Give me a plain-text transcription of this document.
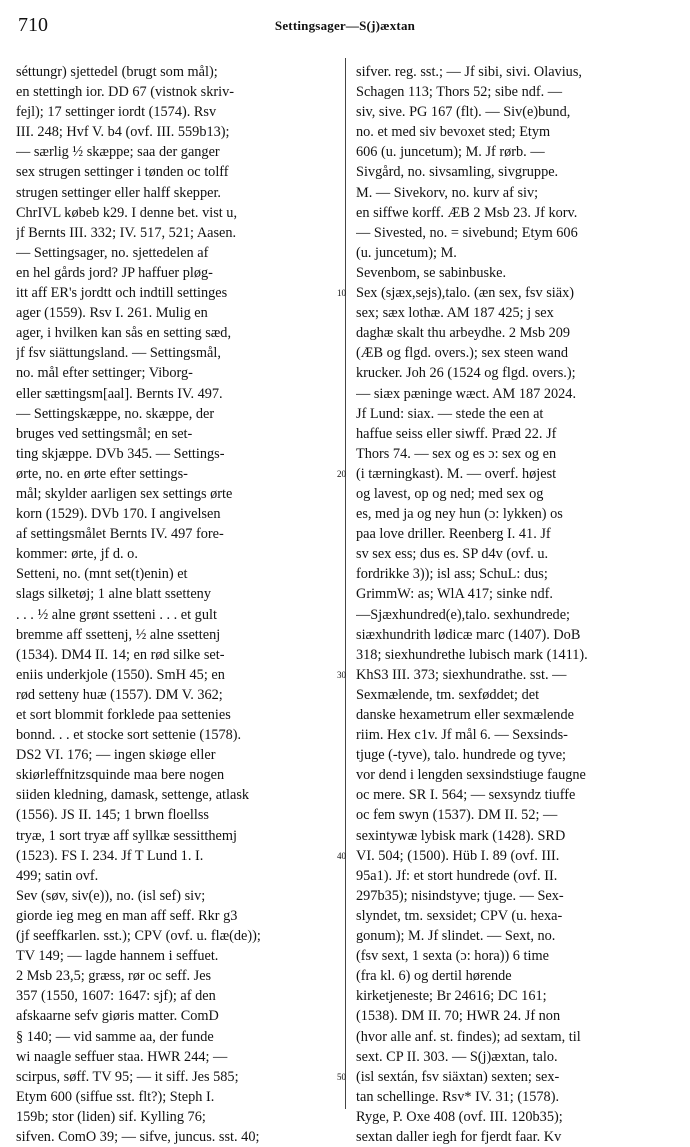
710	Settingsager—S(j)æxtan
séttungr) sjettedel (brugt som mål);
en stettingh ior. DD 67 (vistnok skriv-
fejl); 17 settinger iordt (1574). Rsv
III. 248; Hvf V. b4 (ovf. III. 559b13);
— særlig ½ skæppe; saa der ganger
sex strugen settinger i tønden oc tolff
strugen settinger eller halff skepper.
ChrIVL købeb k29. I denne bet. vist u,
jf Bernts III. 332; IV. 517, 521; Aasen.
— Settingsager, no. sjettedelen af
en hel gårds jord? JP haffuer pløg-
itt aff ER's jordtt och indtill settinges
ager (1559). Rsv I. 261. Mulig en
ager, i hvilken kan sås en setting sæd,
jf fsv siättungsland. — Settingsmål,
no. mål efter settinger; Viborg-
eller sættingsm[aal]. Bernts IV. 497.
— Settingskæppe, no. skæppe, der
bruges ved settingsmål; en set-
ting skjæppe. DVb 345. — Settings-
ørte, no. en ørte efter settings-
mål; skylder aarligen sex settings ørte
korn (1529). DVb 170. I angivelsen
af settingsmålet Bernts IV. 497 fore-
kommer: ørte, jf d. o.
Setteni, no. (mnt set(t)enin) et
slags silketøj; 1 alne blatt ssetteny
. . . ½ alne grønt ssetteni . . . et gult
bremme aff ssettenj, ½ alne ssettenj
(1534). DM4 II. 14; en rød silke set-
eniis underkjole (1550). SmH 45; en
rød setteny huæ (1557). DM V. 362;
et sort blommit forklede paa settenies
bonnd. . . et stocke sort settenie (1578).
DS2 VI. 176; — ingen skiøge eller
skiørleffnitzsquinde maa bere nogen
siiden kledning, damask, settenge, atlask
(1556). JS II. 145; 1 brwn floellss
tryæ, 1 sort tryæ aff syllkæ sessitthemj
(1523). FS I. 234. Jf T Lund 1. I.
499; satin ovf.
Sev (søv, siv(e)), no. (isl sef) siv;
giorde ieg meg en man aff seff. Rkr g3
(jf seeffkarlen. sst.); CPV (ovf. u. flæ(de));
TV 149; — lagde hannem i seffuet.
2 Msb 23,5; græss, rør oc seff. Jes
357 (1550, 1607: 1647: sjf); af den
afskaarne sefv giøris matter. ComD
§ 140; — vid samme aa, der funde
wi naagle seffuer staa. HWR 244; —
scirpus, søff. TV 95; — it siff. Jes 585;
Etym 600 (siffue sst. flt?); Steph I.
159b; stor (liden) sif. Kylling 76;
sifven. ComO 39; — sifve, juncus. sst. 40;
sifver. reg. sst.; — Jf sibi, sivi. Olavius,
Schagen 113; Thors 52; sibe ndf. —
siv, sive. PG 167 (flt). — Siv(e)bund,
no. et med siv bevoxet sted; Etym
606 (u. juncetum); M. Jf rørb. —
Sivgård, no. sivsamling, sivgruppe.
M. — Sivekorv, no. kurv af siv;
en siffwe korff. ÆB 2 Msb 23. Jf korv.
— Sivested, no. = sivebund; Etym 606
(u. juncetum); M.
Sevenbom, se sabinbuske.
Sex (sjæx,sejs),talo. (æn sex, fsv siäx)
sex; sæx lothæ. AM 187 425; j sex
daghæ skalt thu arbeydhe. 2 Msb 209
(ÆB og flgd. overs.); sex steen wand
krucker. Joh 26 (1524 og flgd. overs.);
— siæx pæninge wæct. AM 187 2024.
Jf Lund: siax. — stede the een at
haffue seiss eller siwff. Præd 22. Jf
Thors 74. — sex og es ɔ: sex og en
(i tærningkast). M. — overf. højest
og lavest, op og ned; med sex og
es, med ja og ney hun (ɔ: lykken) os
paa love driller. Reenberg I. 41. Jf
sv sex ess; dus es. SP d4v (ovf. u.
fordrikke 3)); isl ass; SchuL: dus;
GrimmW: as; WlA 417; sinke ndf.
—Sjæxhundred(e),talo. sexhundrede;
siæxhundrith lødicæ marc (1407). DoB
318; siexhundrethe lubisch mark (1411).
KhS3 III. 373; siexhundrathe. sst. —
Sexmælende, tm. sexføddet; det
danske hexametrum eller sexmælende
riim. Hex c1v. Jf mål 6. — Sexsinds-
tjuge (-tyve), talo. hundrede og tyve;
vor dend i lengden sexsindstiuge faugne
oc mere. SR I. 564; — sexsyndz tiuffe
oc fem swyn (1537). DM II. 52; —
sexintywæ lybisk mark (1428). SRD
VI. 504; (1500). Hüb I. 89 (ovf. III.
95a1). Jf: et stort hundrede (ovf. II.
297b35); nisindstyve; tjuge. — Sex-
slyndet, tm. sexsidet; CPV (u. hexa-
gonum); M. Jf slindet. — Sext, no.
(fsv sext, 1 sexta (ɔ: hora)) 6 time
(fra kl. 6) og dertil hørende
kirketjeneste; Br 24616; DC 161;
(1538). DM II. 70; HWR 24. Jf non
(hvor alle anf. st. findes); ad sextam, til
sext. CP II. 303. — S(j)æxtan, talo.
(isl sextán, fsv siäxtan) sexten; sex-
tan schellinge. Rsv* IV. 31; (1578).
Ryge, P. Oxe 408 (ovf. III. 120b35);
sextan daller iegh for fjerdt faar. Kv
10
20
30
40
50
